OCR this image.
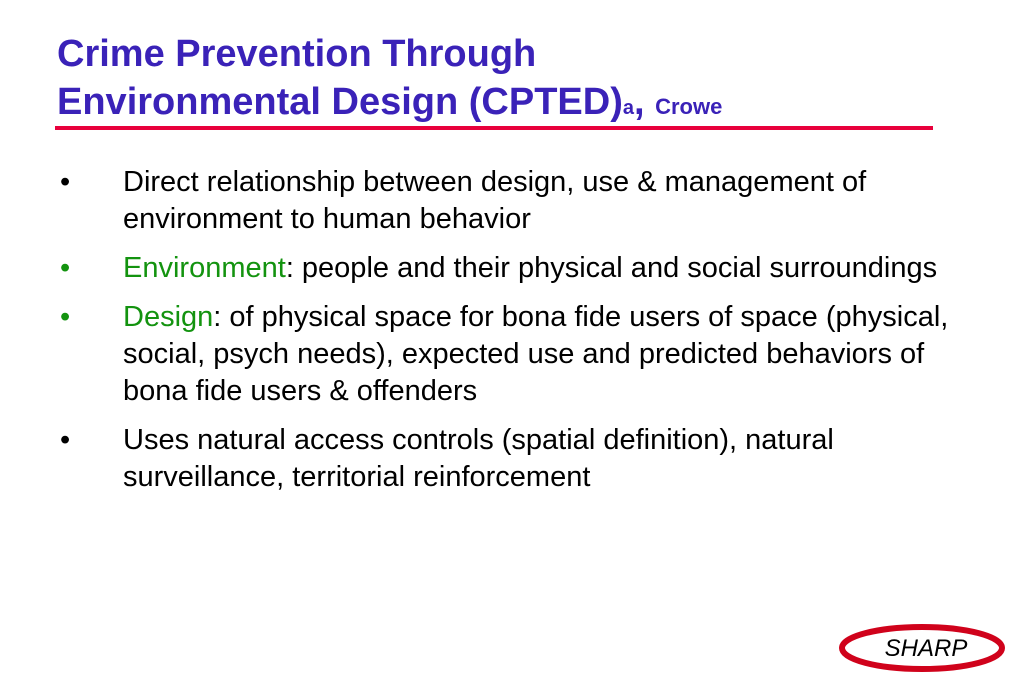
Crime Prevention Through
Environmental Design (CPTED)a, Crowe
•	Direct relationship between design, use & management of environment to human behavior
•	Environment: people and their physical and social surroundings
•	Design: of physical space for bona fide users of space (physical, social, psych needs), expected use and predicted behaviors of bona fide users & offenders
•	Uses natural access controls (spatial definition), natural surveillance, territorial reinforcement
SHARP
